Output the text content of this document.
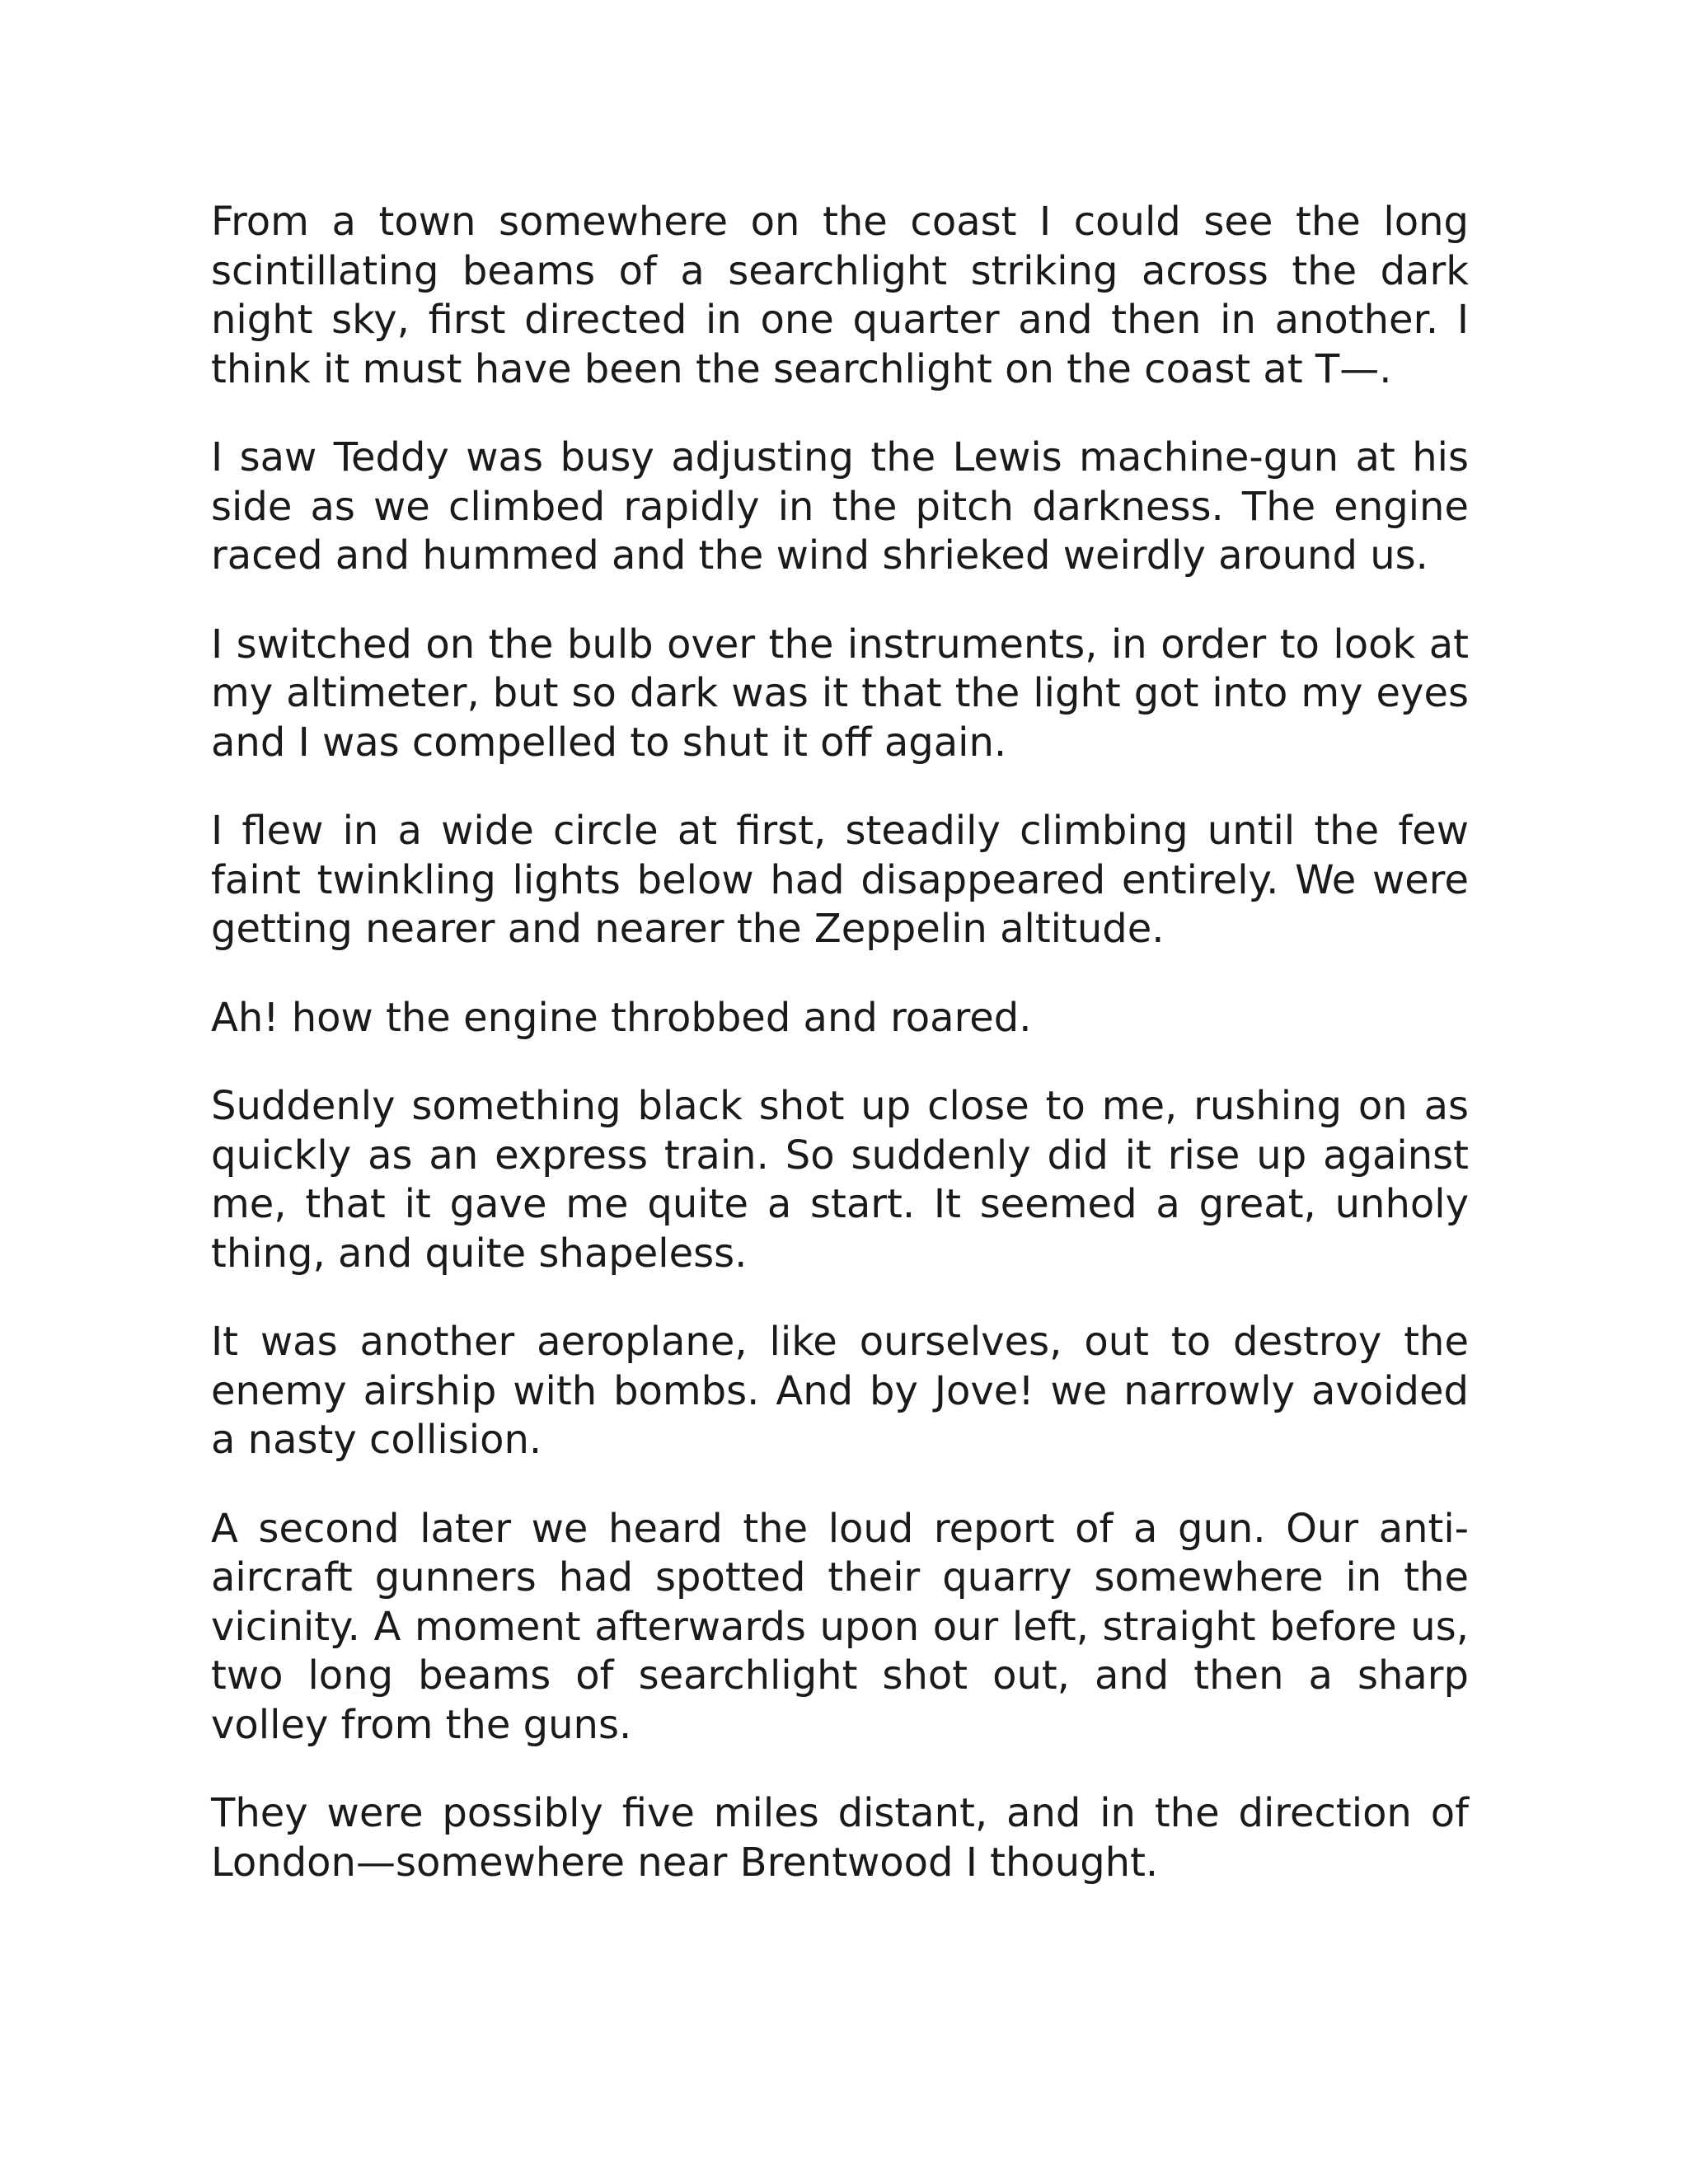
From a town somewhere on the coast I could see the long scintillating beams of a searchlight striking across the dark night sky, first directed in one quarter and then in another. I think it must have been the searchlight on the coast at T—.

I saw Teddy was busy adjusting the Lewis machine-gun at his side as we climbed rapidly in the pitch darkness. The engine raced and hummed and the wind shrieked weirdly around us.

I switched on the bulb over the instruments, in order to look at my altimeter, but so dark was it that the light got into my eyes and I was compelled to shut it off again.

I flew in a wide circle at first, steadily climbing until the few faint twinkling lights below had disappeared entirely. We were getting nearer and nearer the Zeppelin altitude.

Ah! how the engine throbbed and roared.

Suddenly something black shot up close to me, rushing on as quickly as an express train. So suddenly did it rise up against me, that it gave me quite a start. It seemed a great, unholy thing, and quite shapeless.

It was another aeroplane, like ourselves, out to destroy the enemy airship with bombs. And by Jove! we narrowly avoided a nasty collision.

A second later we heard the loud report of a gun. Our anti-aircraft gunners had spotted their quarry somewhere in the vicinity. A moment afterwards upon our left, straight before us, two long beams of searchlight shot out, and then a sharp volley from the guns.

They were possibly five miles distant, and in the direction of London—somewhere near Brentwood I thought.
